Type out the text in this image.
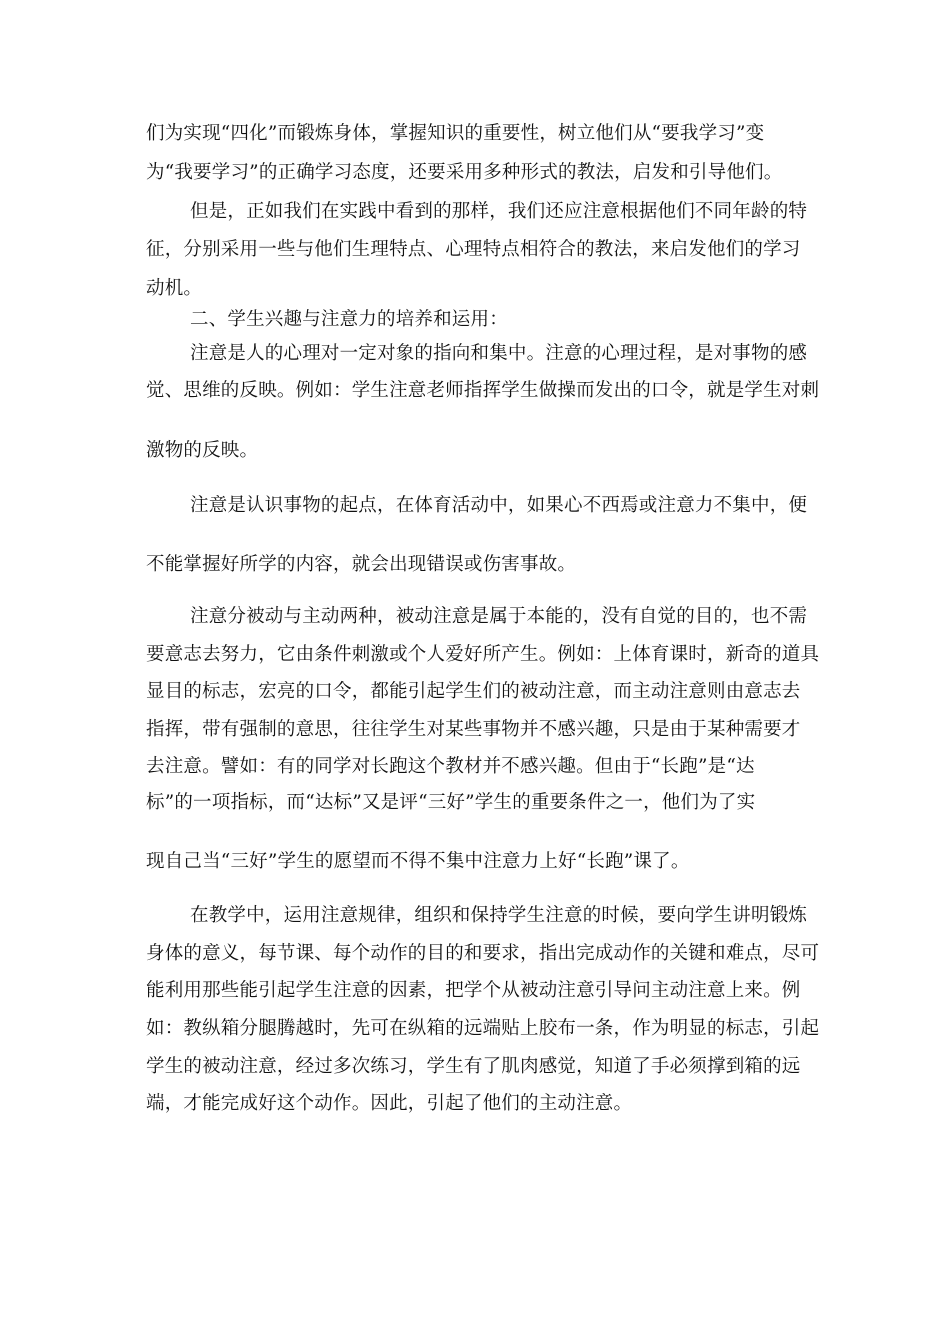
们为实现“四化”而锻炼身体，掌握知识的重要性，树立他们从“要我学习”变
为“我要学习”的正确学习态度，还要采用多种形式的教法，启发和引导他们。
但是，正如我们在实践中看到的那样，我们还应注意根据他们不同年龄的特
征，分别采用一些与他们生理特点、心理特点相符合的教法，来启发他们的学习
动机。
二、学生兴趣与注意力的培养和运用：
注意是人的心理对一定对象的指向和集中。注意的心理过程，是对事物的感
觉、思维的反映。例如：学生注意老师指挥学生做操而发出的口令，就是学生对刺
激物的反映。
注意是认识事物的起点，在体育活动中，如果心不西焉或注意力不集中，便
不能掌握好所学的内容，就会出现错误或伤害事故。
注意分被动与主动两种，被动注意是属于本能的，没有自觉的目的，也不需
要意志去努力，它由条件刺激或个人爱好所产生。例如：上体育课时，新奇的道具
显目的标志，宏亮的口令，都能引起学生们的被动注意，而主动注意则由意志去
指挥，带有强制的意思，往往学生对某些事物并不感兴趣，只是由于某种需要才
去注意。譬如：有的同学对长跑这个教材并不感兴趣。但由于“长跑”是“达
标”的一项指标，而“达标”又是评“三好”学生的重要条件之一，他们为了实
现自己当“三好”学生的愿望而不得不集中注意力上好“长跑”课了。
在教学中，运用注意规律，组织和保持学生注意的时候，要向学生讲明锻炼
身体的意义，每节课、每个动作的目的和要求，指出完成动作的关键和难点，尽可
能利用那些能引起学生注意的因素，把学个从被动注意引导问主动注意上来。例
如：教纵箱分腿腾越时，先可在纵箱的远端贴上胶布一条，作为明显的标志，引起
学生的被动注意，经过多次练习，学生有了肌肉感觉，知道了手必须撑到箱的远
端，才能完成好这个动作。因此，引起了他们的主动注意。
